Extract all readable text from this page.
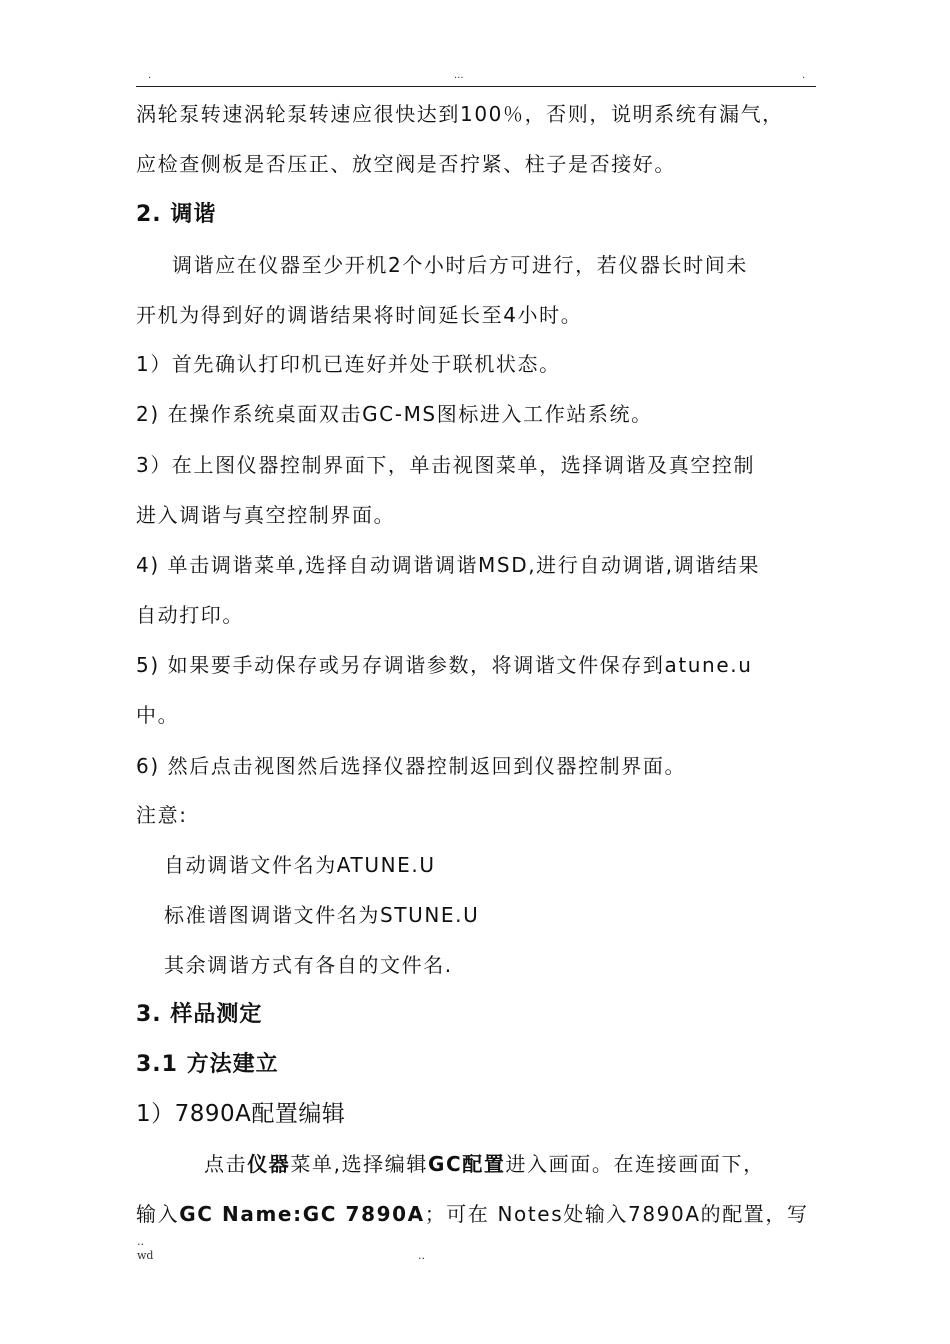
.	...	.
涡轮泵转速涡轮泵转速应很快达到100％，否则，说明系统有漏气，
应检查侧板是否压正、放空阀是否拧紧、柱子是否接好。
2. 调谐
调谐应在仪器至少开机2个小时后方可进行，若仪器长时间未
开机为得到好的调谐结果将时间延长至4小时。
1）首先确认打印机已连好并处于联机状态。
2) 在操作系统桌面双击GC-MS图标进入工作站系统。
3）在上图仪器控制界面下，单击视图菜单，选择调谐及真空控制
进入调谐与真空控制界面。
4) 单击调谐菜单,选择自动调谐调谐MSD,进行自动调谐,调谐结果
自动打印。
5) 如果要手动保存或另存调谐参数，将调谐文件保存到atune.u
中。
6) 然后点击视图然后选择仪器控制返回到仪器控制界面。
注意:
自动调谐文件名为ATUNE.U
标准谱图调谐文件名为STUNE.U
其余调谐方式有各自的文件名.
3. 样品测定
3.1 方法建立
1）7890A配置编辑
点击仪器菜单,选择编辑GC配置进入画面。在连接画面下，
输入GC Name:GC 7890A；可在 Notes处输入7890A的配置，写
..
wd	..
